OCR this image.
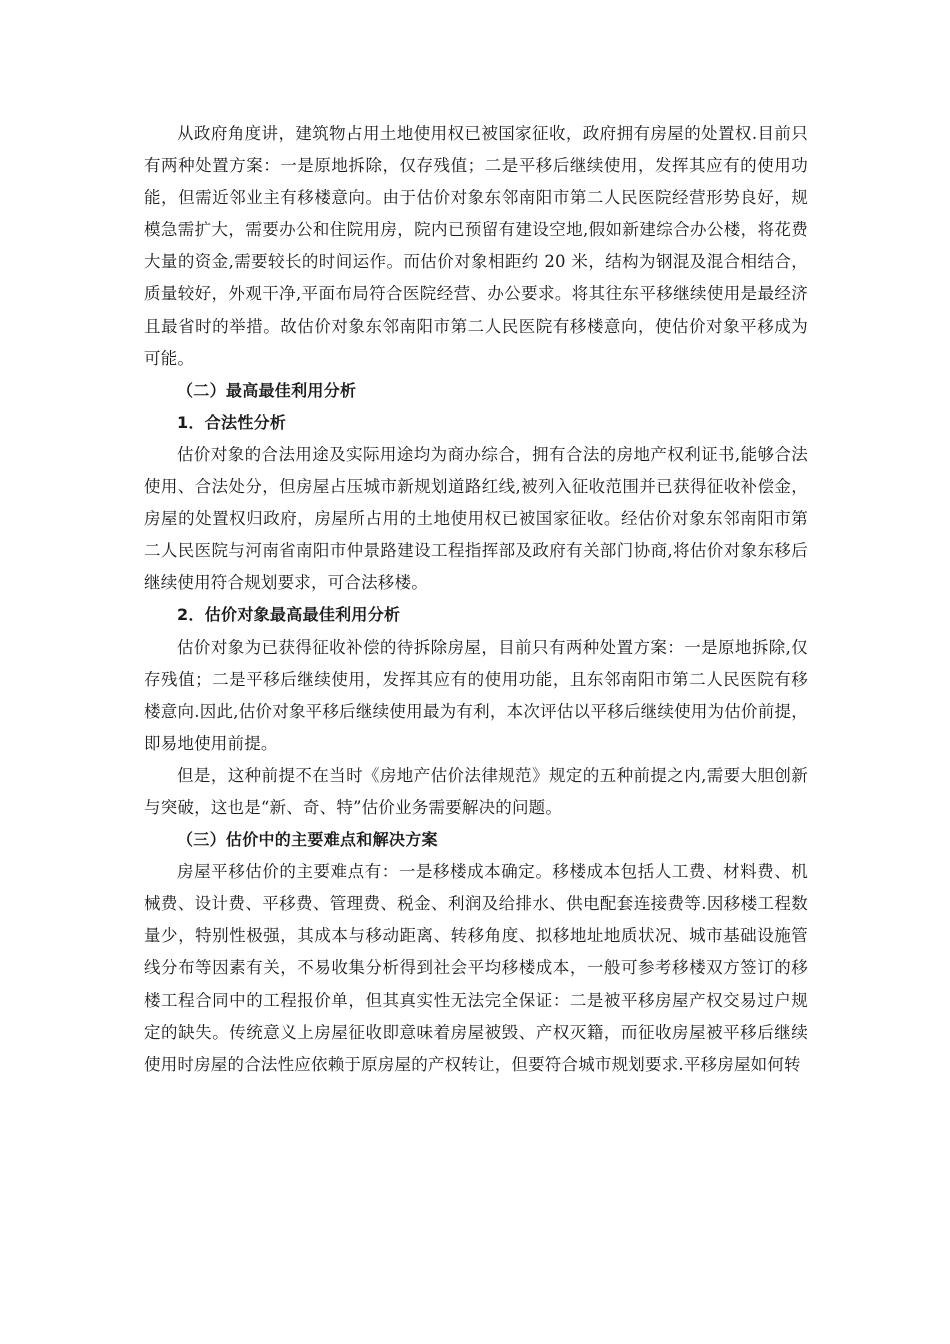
从政府角度讲，建筑物占用土地使用权已被国家征收，政府拥有房屋的处置权.目前只有两种处置方案：一是原地拆除，仅存残值；二是平移后继续使用，发挥其应有的使用功能，但需近邻业主有移楼意向。由于估价对象东邻南阳市第二人民医院经营形势良好，规模急需扩大，需要办公和住院用房，院内已预留有建设空地,假如新建综合办公楼，将花费大量的资金,需要较长的时间运作。而估价对象相距约 20 米，结构为钢混及混合相结合，质量较好，外观干净,平面布局符合医院经营、办公要求。将其往东平移继续使用是最经济且最省时的举措。故估价对象东邻南阳市第二人民医院有移楼意向，使估价对象平移成为可能。

（二）最高最佳利用分析

1．合法性分析

估价对象的合法用途及实际用途均为商办综合，拥有合法的房地产权利证书,能够合法使用、合法处分，但房屋占压城市新规划道路红线,被列入征收范围并已获得征收补偿金，房屋的处置权归政府，房屋所占用的土地使用权已被国家征收。经估价对象东邻南阳市第二人民医院与河南省南阳市仲景路建设工程指挥部及政府有关部门协商,将估价对象东移后继续使用符合规划要求，可合法移楼。

2．估价对象最高最佳利用分析

估价对象为已获得征收补偿的待拆除房屋，目前只有两种处置方案：一是原地拆除,仅存残值；二是平移后继续使用，发挥其应有的使用功能，且东邻南阳市第二人民医院有移楼意向.因此,估价对象平移后继续使用最为有利，本次评估以平移后继续使用为估价前提，即易地使用前提。

但是，这种前提不在当时《房地产估价法律规范》规定的五种前提之内,需要大胆创新与突破，这也是“新、奇、特”估价业务需要解决的问题。

（三）估价中的主要难点和解决方案

房屋平移估价的主要难点有：一是移楼成本确定。移楼成本包括人工费、材料费、机械费、设计费、平移费、管理费、税金、利润及给排水、供电配套连接费等.因移楼工程数量少，特别性极强，其成本与移动距离、转移角度、拟移地址地质状况、城市基础设施管线分布等因素有关，不易收集分析得到社会平均移楼成本，一般可参考移楼双方签订的移楼工程合同中的工程报价单，但其真实性无法完全保证：二是被平移房屋产权交易过户规定的缺失。传统意义上房屋征收即意味着房屋被毁、产权灭籍，而征收房屋被平移后继续使用时房屋的合法性应依赖于原房屋的产权转让，但要符合城市规划要求.平移房屋如何转
